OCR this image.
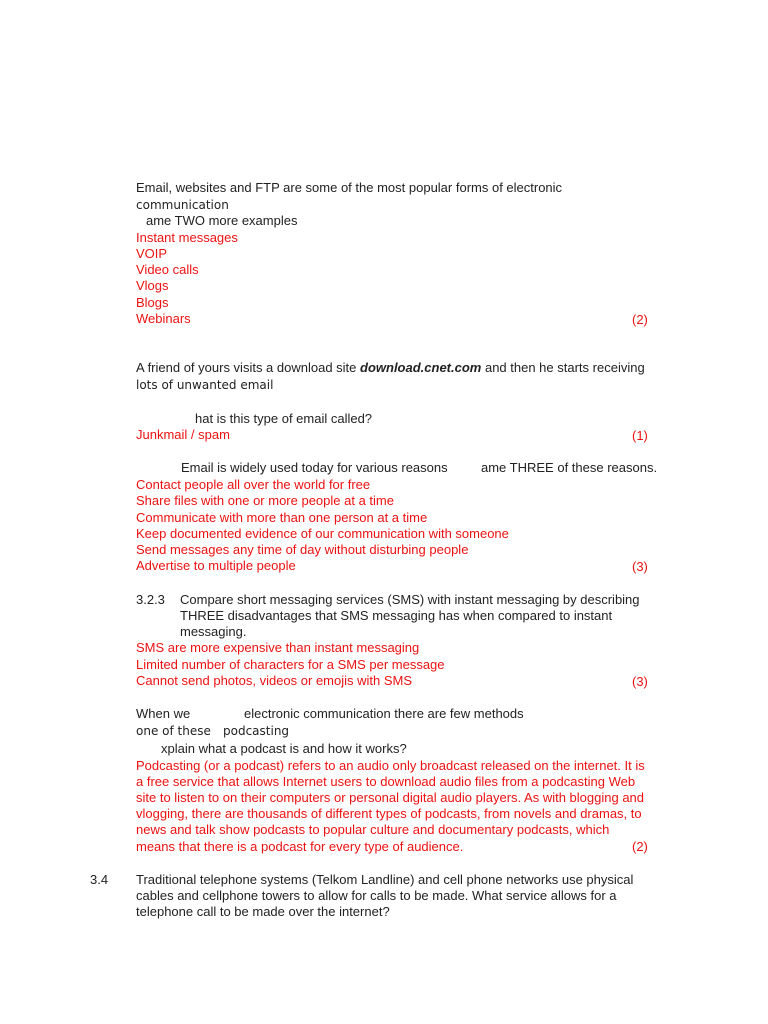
Email, websites and FTP are some of the most popular forms of electronic
communication
ame TWO more examples
Instant messages
VOIP
Video calls
Vlogs
Blogs
Webinars	(2)
A friend of yours visits a download site download.cnet.com and then he starts receiving
lots of unwanted email
hat is this type of email called?
Junkmail / spam	(1)
Email is widely used today for various reasons	ame THREE of these reasons.
Contact people all over the world for free
Share files with one or more people at a time
Communicate with more than one person at a time
Keep documented evidence of our communication with someone
Send messages any time of day without disturbing people
Advertise to multiple people	(3)
3.2.3 Compare short messaging services (SMS) with instant messaging by describing
THREE disadvantages that SMS messaging has when compared to instant
messaging.
SMS are more expensive than instant messaging
Limited number of characters for a SMS per message
Cannot send photos, videos or emojis with SMS	(3)
When we	electronic communication there are few methods
one of these podcasting
xplain what a podcast is and how it works?
Podcasting (or a podcast) refers to an audio only broadcast released on the internet. It is
a free service that allows Internet users to download audio files from a podcasting Web
site to listen to on their computers or personal digital audio players. As with blogging and
vlogging, there are thousands of different types of podcasts, from novels and dramas, to
news and talk show podcasts to popular culture and documentary podcasts, which
means that there is a podcast for every type of audience.	(2)
3.4 Traditional telephone systems (Telkom Landline) and cell phone networks use physical
cables and cellphone towers to allow for calls to be made. What service allows for a
telephone call to be made over the internet?
